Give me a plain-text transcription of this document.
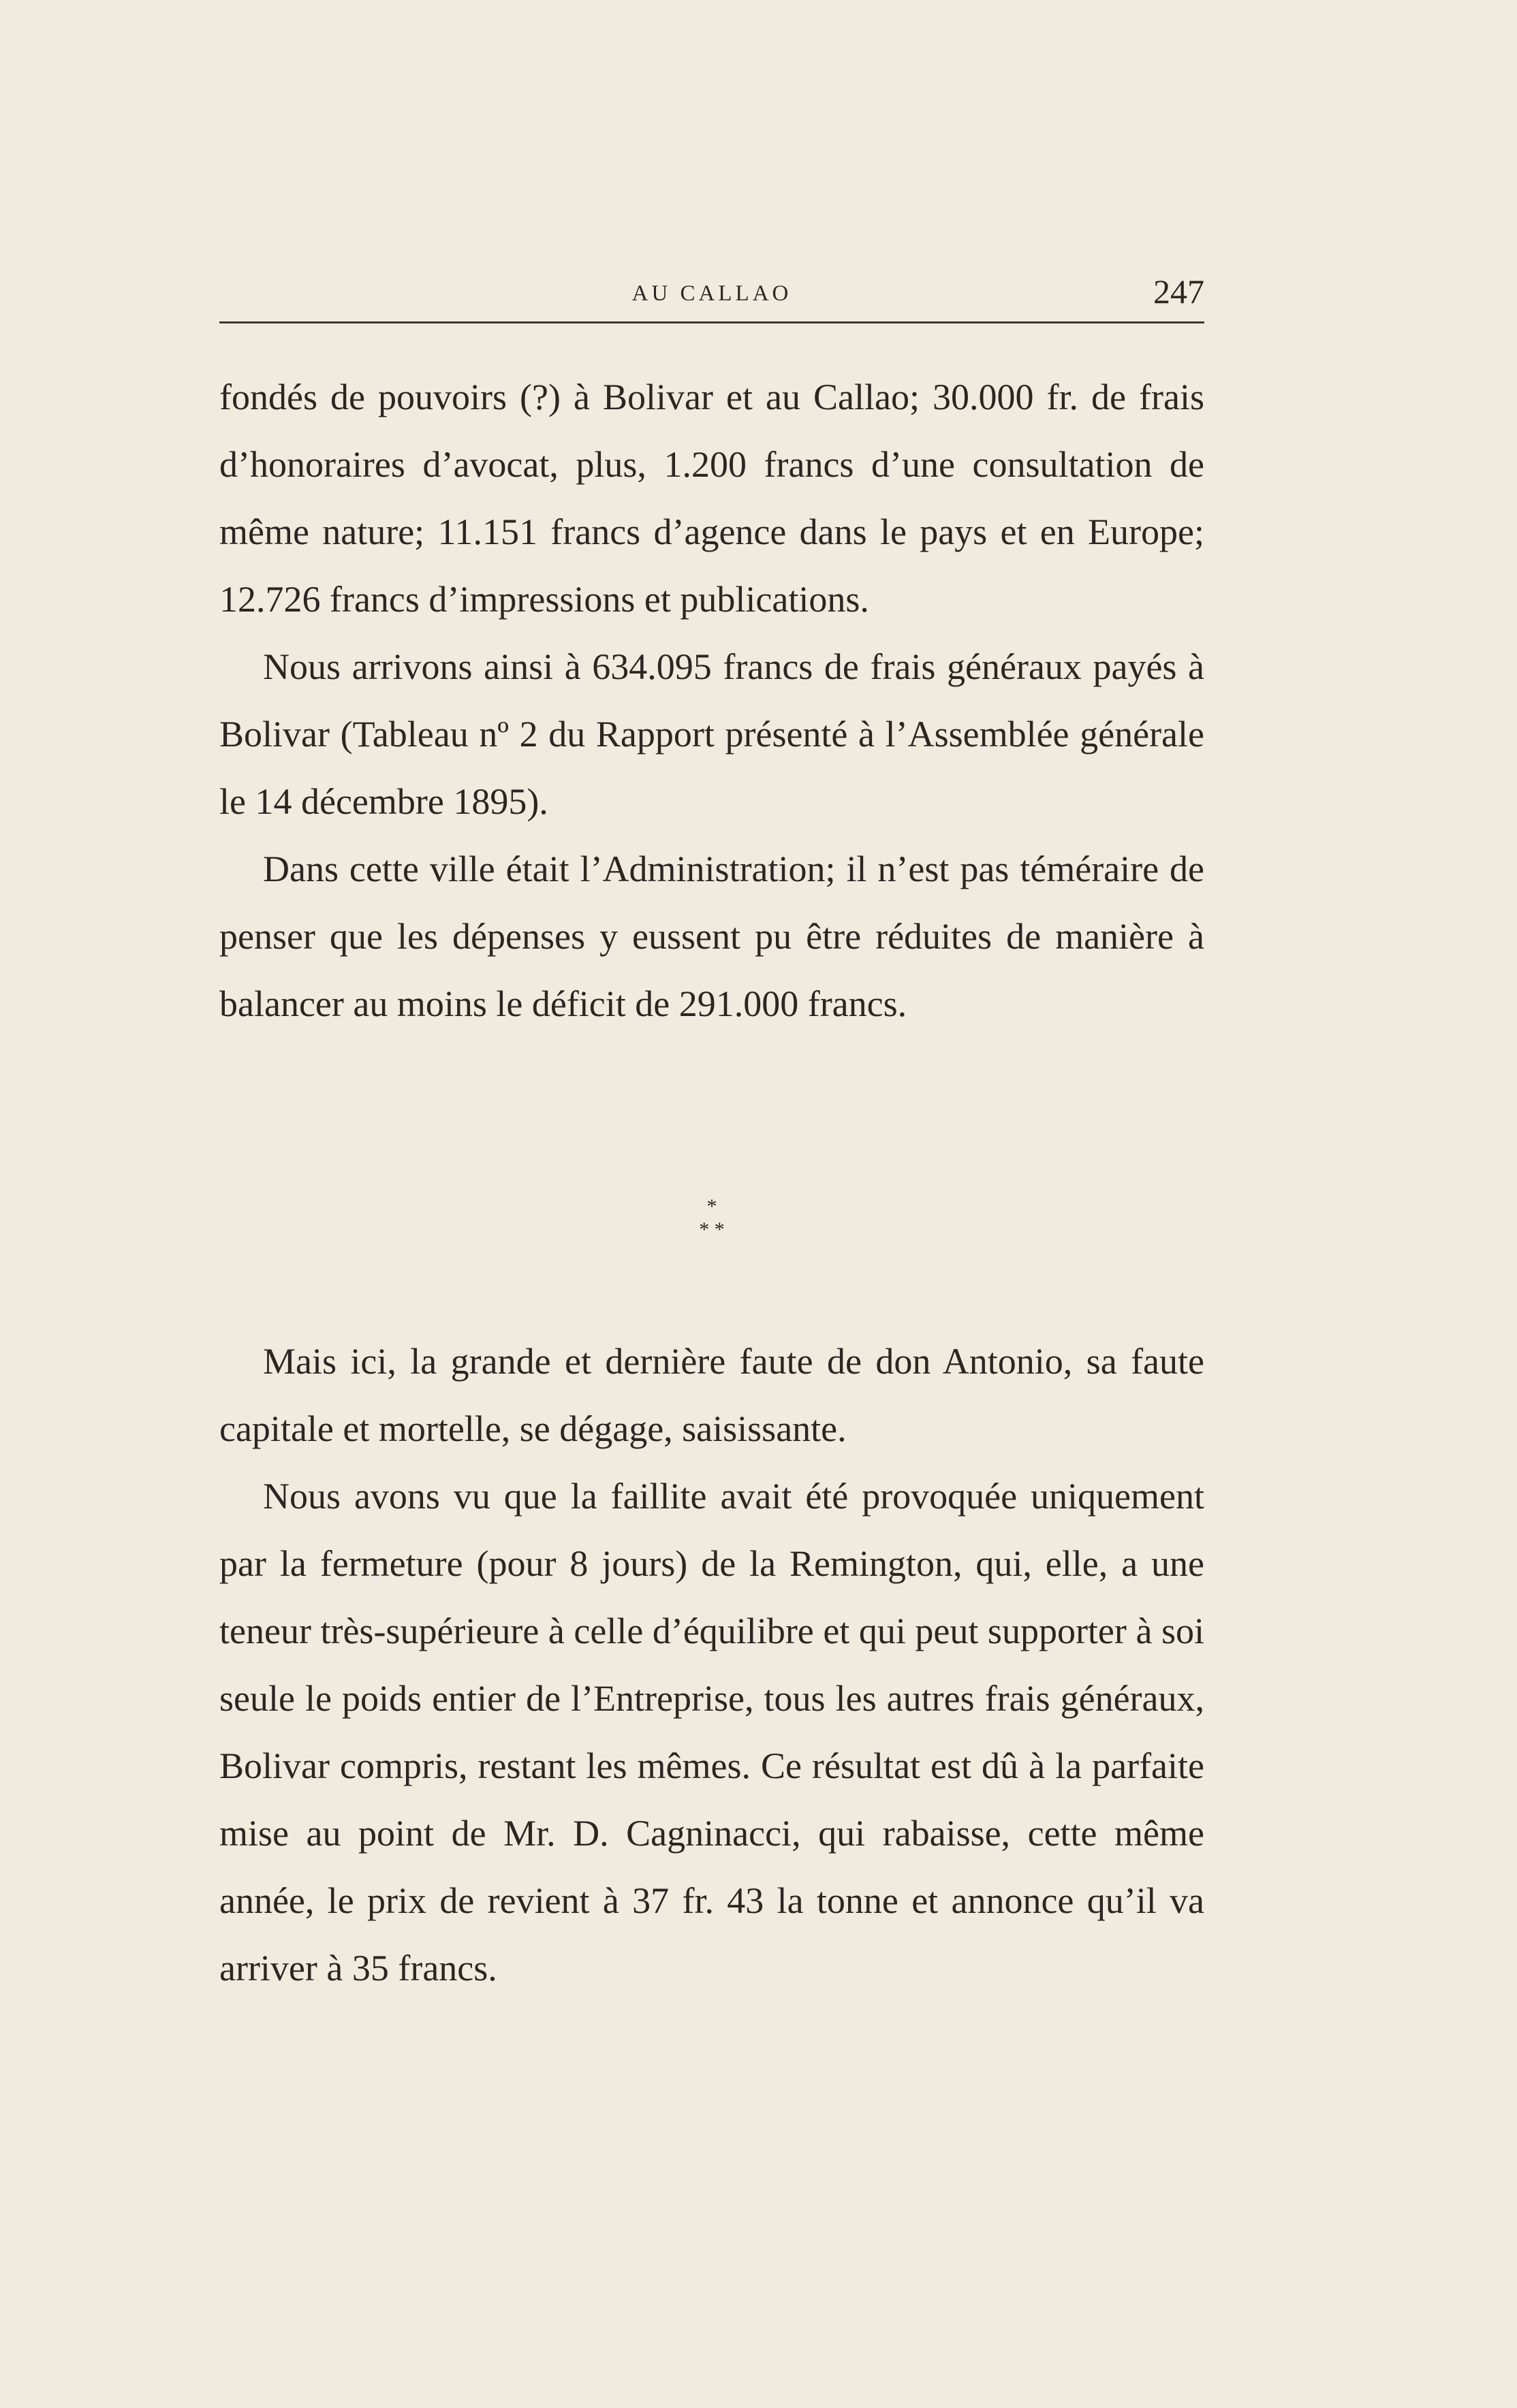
AU CALLAO	247

fondés de pouvoirs (?) à Bolivar et au Callao; 30.000 fr. de frais d’honoraires d’avocat, plus, 1.200 francs d’une consultation de même nature; 11.151 francs d’agence dans le pays et en Europe; 12.726 francs d’impressions et publications.

Nous arrivons ainsi à 634.095 francs de frais généraux payés à Bolivar (Tableau nº 2 du Rapport présenté à l’Assemblée générale le 14 décembre 1895).

Dans cette ville était l’Administration; il n’est pas téméraire de penser que les dépenses y eussent pu être réduites de manière à balancer au moins le déficit de 291.000 francs.

*
* *

Mais ici, la grande et dernière faute de don Antonio, sa faute capitale et mortelle, se dégage, saisissante.

Nous avons vu que la faillite avait été provoquée uniquement par la fermeture (pour 8 jours) de la Remington, qui, elle, a une teneur très-supérieure à celle d’équilibre et qui peut supporter à soi seule le poids entier de l’Entreprise, tous les autres frais généraux, Bolivar compris, restant les mêmes. Ce résultat est dû à la parfaite mise au point de Mr. D. Cagninacci, qui rabaisse, cette même année, le prix de revient à 37 fr. 43 la tonne et annonce qu’il va arriver à 35 francs.
